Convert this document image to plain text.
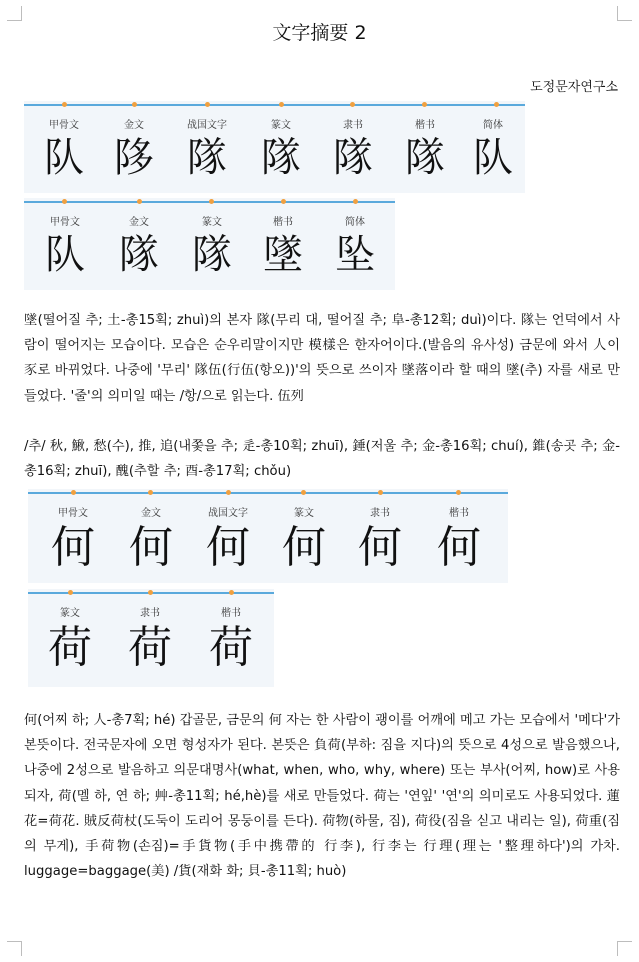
文字摘要 2
도정문자연구소
甲骨文
队
金文
陊
战国文字
隊
篆文
隊
隶书
隊
楷书
隊
简体
队
甲骨文
队
金文
隊
篆文
隊
楷书
墜
简体
坠

墜(떨어질 추; 土-총15획; zhuì)의 본자 隊(무리 대, 떨어질 추; 阜-총12획; duì)이다. 隊는 언덕에서 사람이 떨어지는 모습이다. 모습은 순우리말이지만 模樣은 한자어이다.(발음의 유사성) 금문에 와서 人이 豕로 바뀌었다. 나중에 '무리' 隊伍(行伍(항오))'의 뜻으로 쓰이자 墜落이라 할 때의 墜(추) 자를 새로 만들었다. '줄'의 의미일 때는 /항/으로 읽는다. 伍列

/추/ 秋, 鰍, 愁(수), 推, 追(내쫓을 추; 辵-총10획; zhuī), 錘(저울 추; 金-총16획; chuí), 錐(송곳 추; 金-총16획; zhuī), 醜(추할 추; 酉-총17획; chǒu)

甲骨文
何
金文
何
战国文字
何
篆文
何
隶书
何
楷书
何
篆文
荷
隶书
荷
楷书
荷

何(어찌 하; 人-총7획; hé) 갑골문, 금문의 何 자는 한 사람이 괭이를 어깨에 메고 가는 모습에서 '메다'가 본뜻이다. 전국문자에 오면 형성자가 된다. 본뜻은 負荷(부하: 짐을 지다)의 뜻으로 4성으로 발음했으나, 나중에 2성으로 발음하고 의문대명사(what, when, who, why, where) 또는 부사(어찌, how)로 사용되자, 荷(멜 하, 연 하; 艸-총11획; hé,hè)를 새로 만들었다. 荷는 '연잎' '연'의 의미로도 사용되었다. 蓮花=荷花. 賊反荷杖(도둑이 도리어 몽둥이를 든다). 荷物(하물, 짐), 荷役(짐을 싣고 내리는 일), 荷重(짐의 무게), 手荷物(손짐)=手貨物(手中携帶的 行李), 行李는 行理(理는 '整理하다')의 가차. luggage=baggage(美) /貨(재화 화; 貝-총11획; huò)
